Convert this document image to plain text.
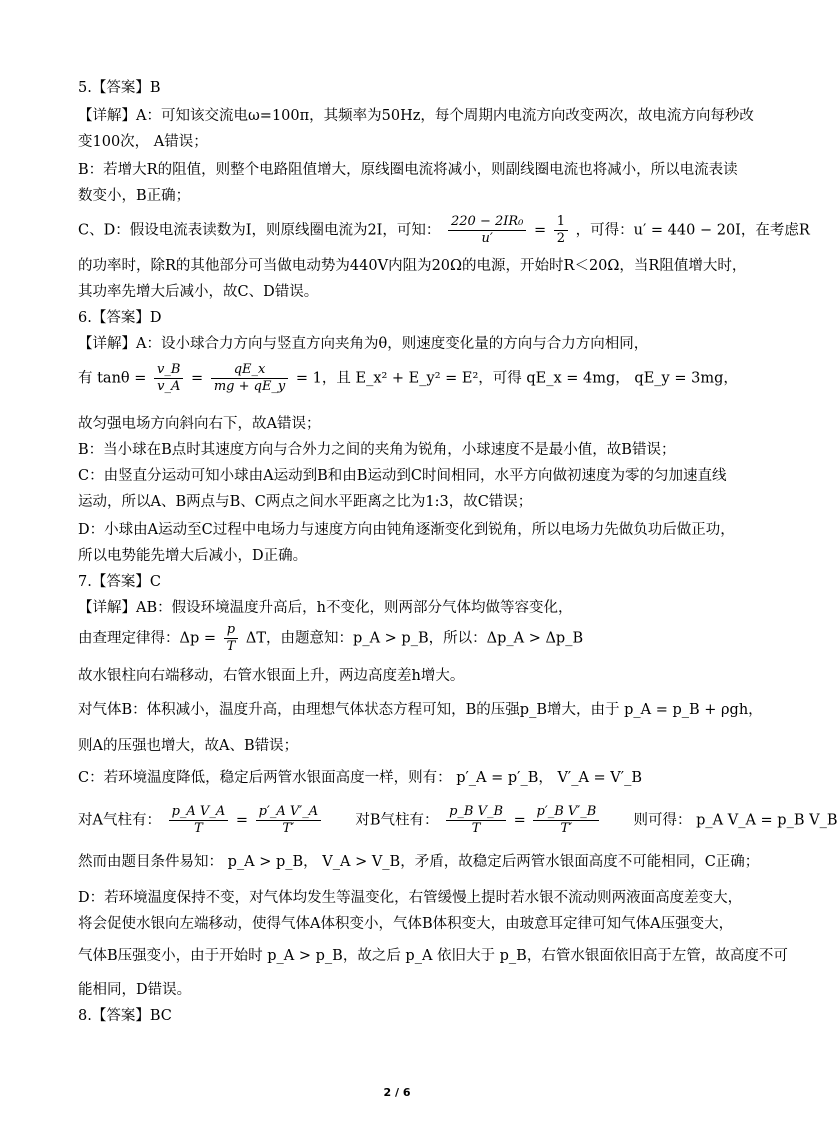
5.【答案】B
【详解】A：可知该交流电ω=100π，其频率为50Hz，每个周期内电流方向改变两次，故电流方向每秒改
变100次， A错误；
B：若增大R的阻值，则整个电路阻值增大，原线圈电流将减小，则副线圈电流也将减小，所以电流表读
数变小，B正确；
C、D：假设电流表读数为I，则原线圈电流为2I，可知： $\frac{\text{220 − 2IR₀}}{u'} = \frac{1}{2}$ ，可得：u′ = 440 − 20I，在考虑R
的功率时，除R的其他部分可当做电动势为440V内阻为20Ω的电源，开始时R＜20Ω，当R阻值增大时，
其功率先增大后减小，故C、D错误。
6.【答案】D
【详解】A：设小球合力方向与竖直方向夹角为θ，则速度变化量的方向与合力方向相同，
有 $\tan\theta = \frac{v\_B}{v\_A} = \frac{qE\_x}{mg + qE\_y} = 1$，且 E_x² + E_y² = E²，可得 qE_x = 4mg， qE_y = 3mg，
故匀强电场方向斜向右下，故A错误；
B：当小球在B点时其速度方向与合外力之间的夹角为锐角，小球速度不是最小值，故B错误；
C：由竖直分运动可知小球由A运动到B和由B运动到C时间相同，水平方向做初速度为零的匀加速直线
运动，所以A、B两点与B、C两点之间水平距离之比为1:3，故C错误；
D：小球由A运动至C过程中电场力与速度方向由钝角逐渐变化到锐角，所以电场力先做负功后做正功，
所以电势能先增大后减小，D正确。
7.【答案】C
【详解】AB：假设环境温度升高后，h不变化，则两部分气体均做等容变化，
由查理定律得：$\Delta p = \frac{p}{T}$ ΔT，由题意知：p_A > p_B，所以：Δp_A > Δp_B
故水银柱向右端移动，右管水银面上升，两边高度差h增大。
对气体B：体积减小，温度升高，由理想气体状态方程可知，B的压强p_B增大，由于 p_A = p_B + ρgh，
则A的压强也增大，故A、B错误；
C：若环境温度降低，稳定后两管水银面高度一样，则有： p′_A = p′_B， V′_A = V′_B
对A气柱有： $\frac{\text{p\_A V\_A}}{T} = \frac{\text{p′\_A V′\_A}}{T'}$ 对B气柱有： $\frac{\text{p\_B V\_B}}{T} = \frac{\text{p′\_B V′\_B}}{T'}$ 则可得： p_A V_A = p_B V_B
然而由题目条件易知： p_A > p_B， V_A > V_B，矛盾，故稳定后两管水银面高度不可能相同，C正确；
D：若环境温度保持不变，对气体均发生等温变化，右管缓慢上提时若水银不流动则两液面高度差变大，
将会促使水银向左端移动，使得气体A体积变小，气体B体积变大，由玻意耳定律可知气体A压强变大，
气体B压强变小，由于开始时 p_A > p_B，故之后 p_A 依旧大于 p_B，右管水银面依旧高于左管，故高度不可
能相同，D错误。
8.【答案】BC
2 / 6
